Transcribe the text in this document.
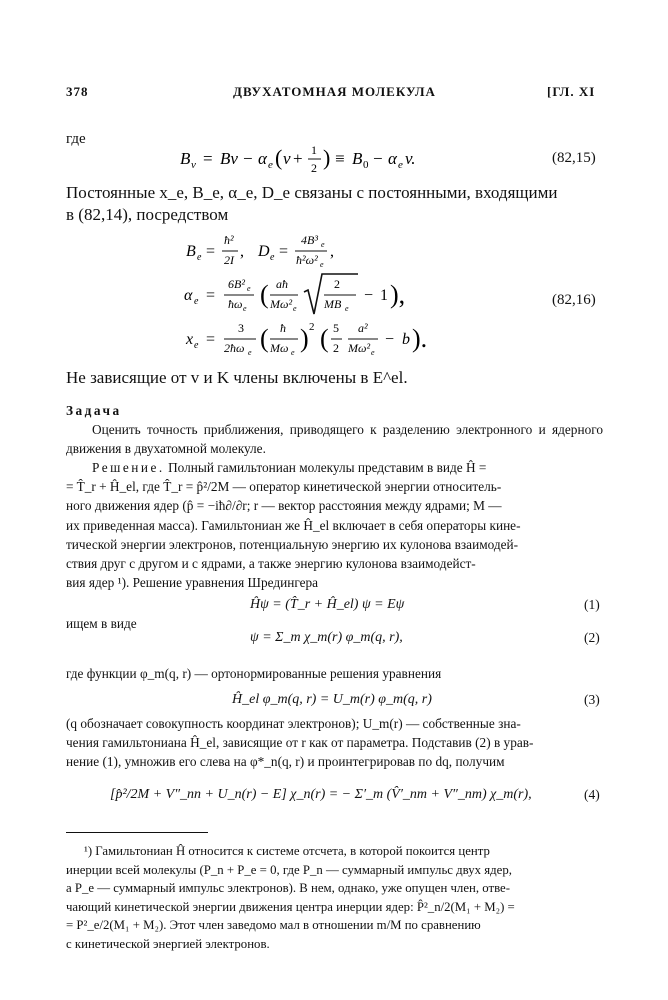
378	ДВУХАТОМНАЯ МОЛЕКУЛА	[ГЛ. XI
где
B v = Bv − α e ( v + 1
2 ) ≡ B 0 − α e v.	(82,15)
Постоянные x_e, B_e, α_e, D_e связаны с постоянными, входящими
в (82,14), посредством
B e =
ħ²
2I , D e =
4B³ e
ħ²ω² e
,
α e =
6B² e
ħω e ( aħ
Mω² e
2
MB e
− 1 ),
x e =
3
2ħω e ( ħ
Mω e ) 2 ( 5
2
a²
Mω² e
− b ).
(82,16)
Не зависящие от v и K члены включены в E^el.
Задача
Оценить точность приближения, приводящего к разделению электронного и ядерного движения в двухатомной молекуле.
Решение. Полный гамильтониан молекулы представим в виде Ĥ =
= T̂_r + Ĥ_el, где T̂_r = p̂²/2M — оператор кинетической энергии относитель-
ного движения ядер (p̂ = −iħ∂/∂r; r — вектор расстояния между ядрами; M —
их приведенная масса). Гамильтониан же Ĥ_el включает в себя операторы кине-
тической энергии электронов, потенциальную энергию их кулонова взаимодей-
ствия друг с другом и с ядрами, а также энергию кулонова взаимодейст-
вия ядер ¹). Решение уравнения Шредингера
Ĥψ = (T̂_r + Ĥ_el) ψ = Eψ	(1)
ищем в виде
ψ = Σ_m χ_m(r) φ_m(q, r),	(2)
где функции φ_m(q, r) — ортонормированные решения уравнения
Ĥ_el φ_m(q, r) = U_m(r) φ_m(q, r)	(3)
(q обозначает совокупность координат электронов); U_m(r) — собственные зна-
чения гамильтониана Ĥ_el, зависящие от r как от параметра. Подставив (2) в урав-
нение (1), умножив его слева на φ*_n(q, r) и проинтегрировав по dq, получим
[p̂²/2M + V″_nn + U_n(r) − E] χ_n(r) = − Σ′_m (V̂′_nm + V″_nm) χ_m(r),	(4)
¹) Гамильтониан Ĥ относится к системе отсчета, в которой покоится центр
инерции всей молекулы (P_n + P_e = 0, где P_n — суммарный импульс двух ядер,
а P_e — суммарный импульс электронов). В нем, однако, уже опущен член, отве-
чающий кинетической энергии движения центра инерции ядер: P̂²_n/2(M₁ + M₂) =
= P²_e/2(M₁ + M₂). Этот член заведомо мал в отношении m/M по сравнению
с кинетической энергией электронов.
